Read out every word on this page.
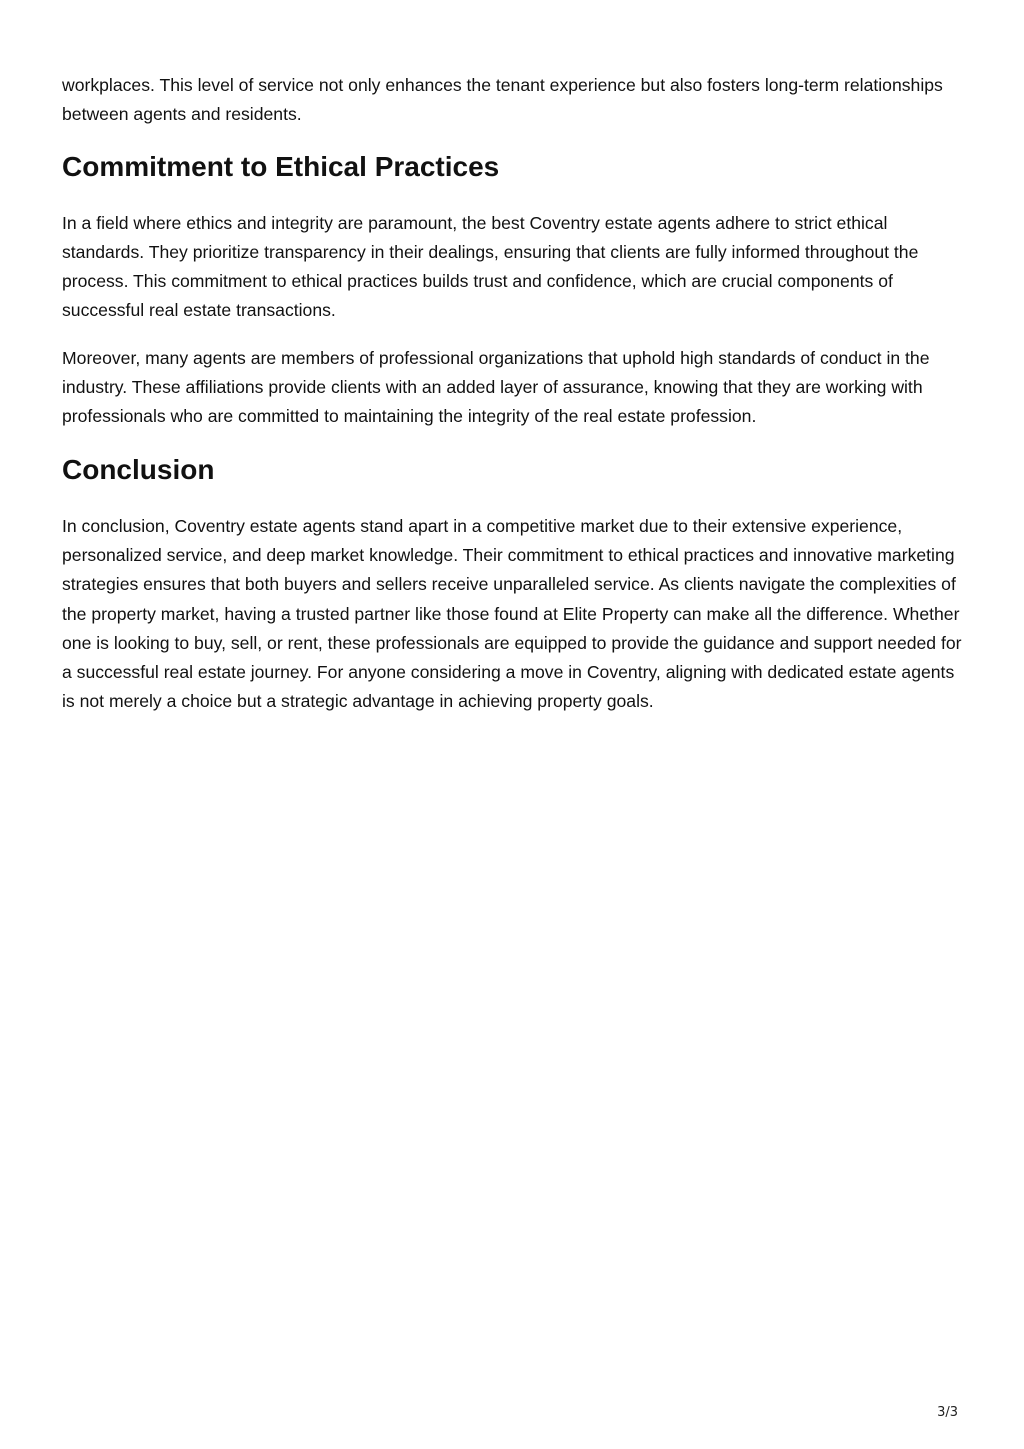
workplaces. This level of service not only enhances the tenant experience but also fosters long-term relationships between agents and residents.

Commitment to Ethical Practices

In a field where ethics and integrity are paramount, the best Coventry estate agents adhere to strict ethical standards. They prioritize transparency in their dealings, ensuring that clients are fully informed throughout the process. This commitment to ethical practices builds trust and confidence, which are crucial components of successful real estate transactions.

Moreover, many agents are members of professional organizations that uphold high standards of conduct in the industry. These affiliations provide clients with an added layer of assurance, knowing that they are working with professionals who are committed to maintaining the integrity of the real estate profession.

Conclusion

In conclusion, Coventry estate agents stand apart in a competitive market due to their extensive experience, personalized service, and deep market knowledge. Their commitment to ethical practices and innovative marketing strategies ensures that both buyers and sellers receive unparalleled service. As clients navigate the complexities of the property market, having a trusted partner like those found at Elite Property can make all the difference. Whether one is looking to buy, sell, or rent, these professionals are equipped to provide the guidance and support needed for a successful real estate journey. For anyone considering a move in Coventry, aligning with dedicated estate agents is not merely a choice but a strategic advantage in achieving property goals.

3/3
